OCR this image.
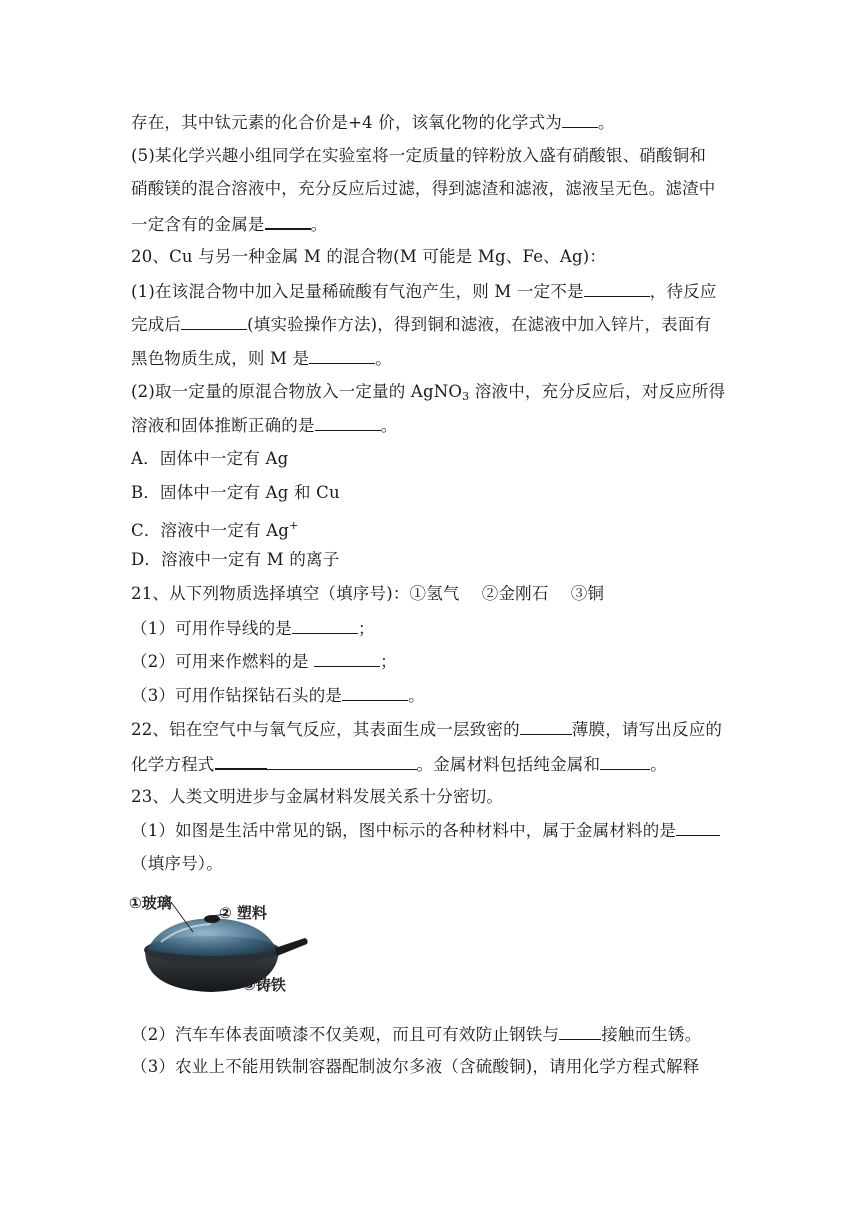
存在，其中钛元素的化合价是+4 价，该氧化物的化学式为 。
(5)某化学兴趣小组同学在实验室将一定质量的锌粉放入盛有硝酸银、硝酸铜和
硝酸镁的混合溶液中，充分反应后过滤，得到滤渣和滤液，滤液呈无色。滤渣中
一定含有的金属是	。
20、Cu 与另一种金属 M 的混合物(M 可能是 Mg、Fe、Ag)：
(1)在该混合物中加入足量稀硫酸有气泡产生，则 M 一定不是	，待反应
完成后	(填实验操作方法)，得到铜和滤液，在滤液中加入锌片，表面有
黑色物质生成，则 M 是	。
(2)取一定量的原混合物放入一定量的 AgNO$_3$ 溶液中，充分反应后，对反应所得
溶液和固体推断正确的是	。
A．固体中一定有 Ag
B．固体中一定有 Ag 和 Cu
C．溶液中一定有 Ag+
D．溶液中一定有 M 的离子
21、从下列物质选择填空（填序号)：①氢气　 ②金刚石　 ③铜
（1）可用作导线的是	；
（2）可用来作燃料的是	；
（3）可用作钻探钻石头的是	。
22、铝在空气中与氧气反应，其表面生成一层致密的	薄膜，请写出反应的
化学方程式	。金属材料包括纯金属和	。
23、人类文明进步与金属材料发展关系十分密切。
（1）如图是生活中常见的锅，图中标示的各种材料中，属于金属材料的是
（填序号）。
①玻璃
② 塑料
③铸铁
（2）汽车车体表面喷漆不仅美观，而且可有效防止钢铁与	接触而生锈。
（3）农业上不能用铁制容器配制波尔多液（含硫酸铜)，请用化学方程式解释
